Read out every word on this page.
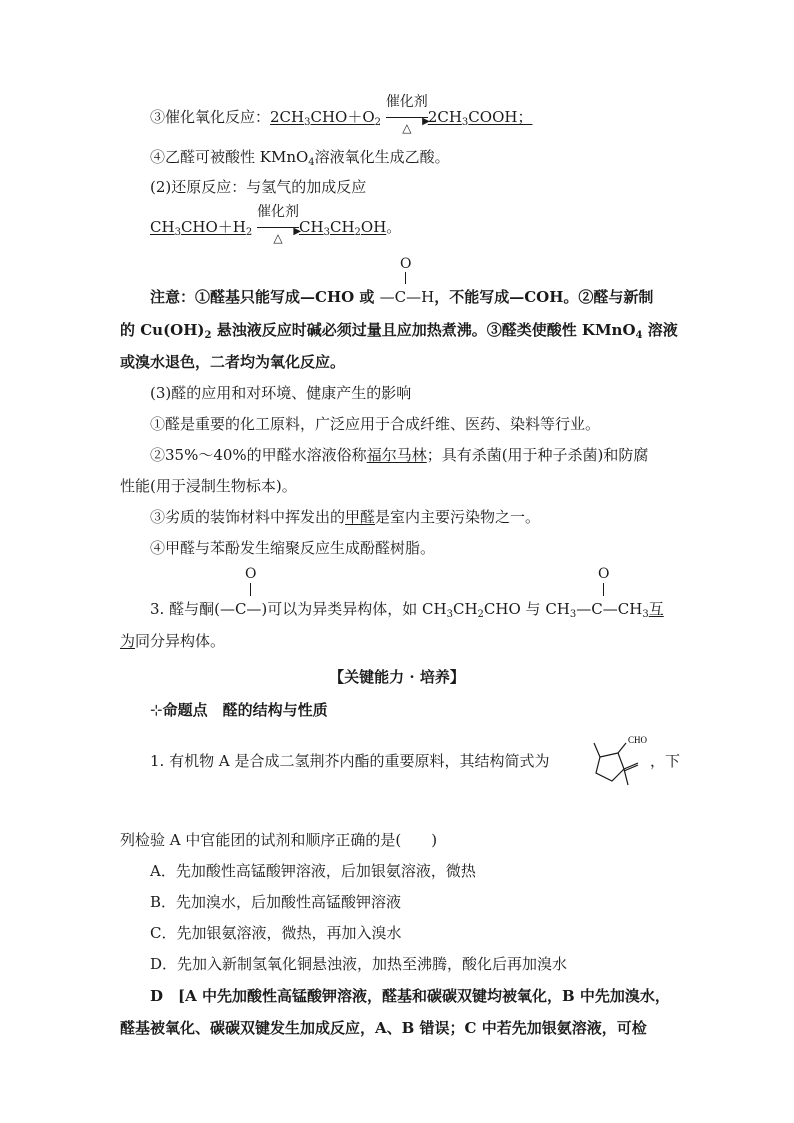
③催化氧化反应：$2CH_3CHO+O_2$
催化剂
▶
△
$2CH_3COOH$；
④乙醛可被酸性 KMnO$_4$溶液氧化生成乙酸。
(2)还原反应：与氢气的加成反应
$CH_3CHO+H_2$
催化剂
▶
△
$CH_3CH_2OH$。
O
注意：①醛基只能写成—CHO 或 —C—H，不能写成—COH。②醛与新制
的 $Cu(OH)_2$ 悬浊液反应时碱必须过量且应加热煮沸。③醛类使酸性 KMnO$_4$ 溶液
或溴水退色，二者均为氧化反应。
(3)醛的应用和对环境、健康产生的影响
①醛是重要的化工原料，广泛应用于合成纤维、医药、染料等行业。
②35%～40%的甲醛水溶液俗称福尔马林；具有杀菌(用于种子杀菌)和防腐
性能(用于浸制生物标本)。
③劣质的装饰材料中挥发出的甲醛是室内主要污染物之一。
④甲醛与苯酚发生缩聚反应生成酚醛树脂。
O	O
3. 醛与酮(—C—)可以为异类异构体，如 $CH_3CH_2CHO$ 与 $CH_3—C—CH_3$互
为同分异构体。
【关键能力 · 培养】
⊹命题点　醛的结构与性质
1. 有机物 A 是合成二氢荆芥内酯的重要原料，其结构简式为
CHO
，下
列检验 A 中官能团的试剂和顺序正确的是(　　)
A．先加酸性高锰酸钾溶液，后加银氨溶液，微热
B．先加溴水，后加酸性高锰酸钾溶液
C．先加银氨溶液，微热，再加入溴水
D．先加入新制氢氧化铜悬浊液，加热至沸腾，酸化后再加溴水
D　[A 中先加酸性高锰酸钾溶液，醛基和碳碳双键均被氧化，B 中先加溴水，
醛基被氧化、碳碳双键发生加成反应，A、B 错误；C 中若先加银氨溶液，可检
